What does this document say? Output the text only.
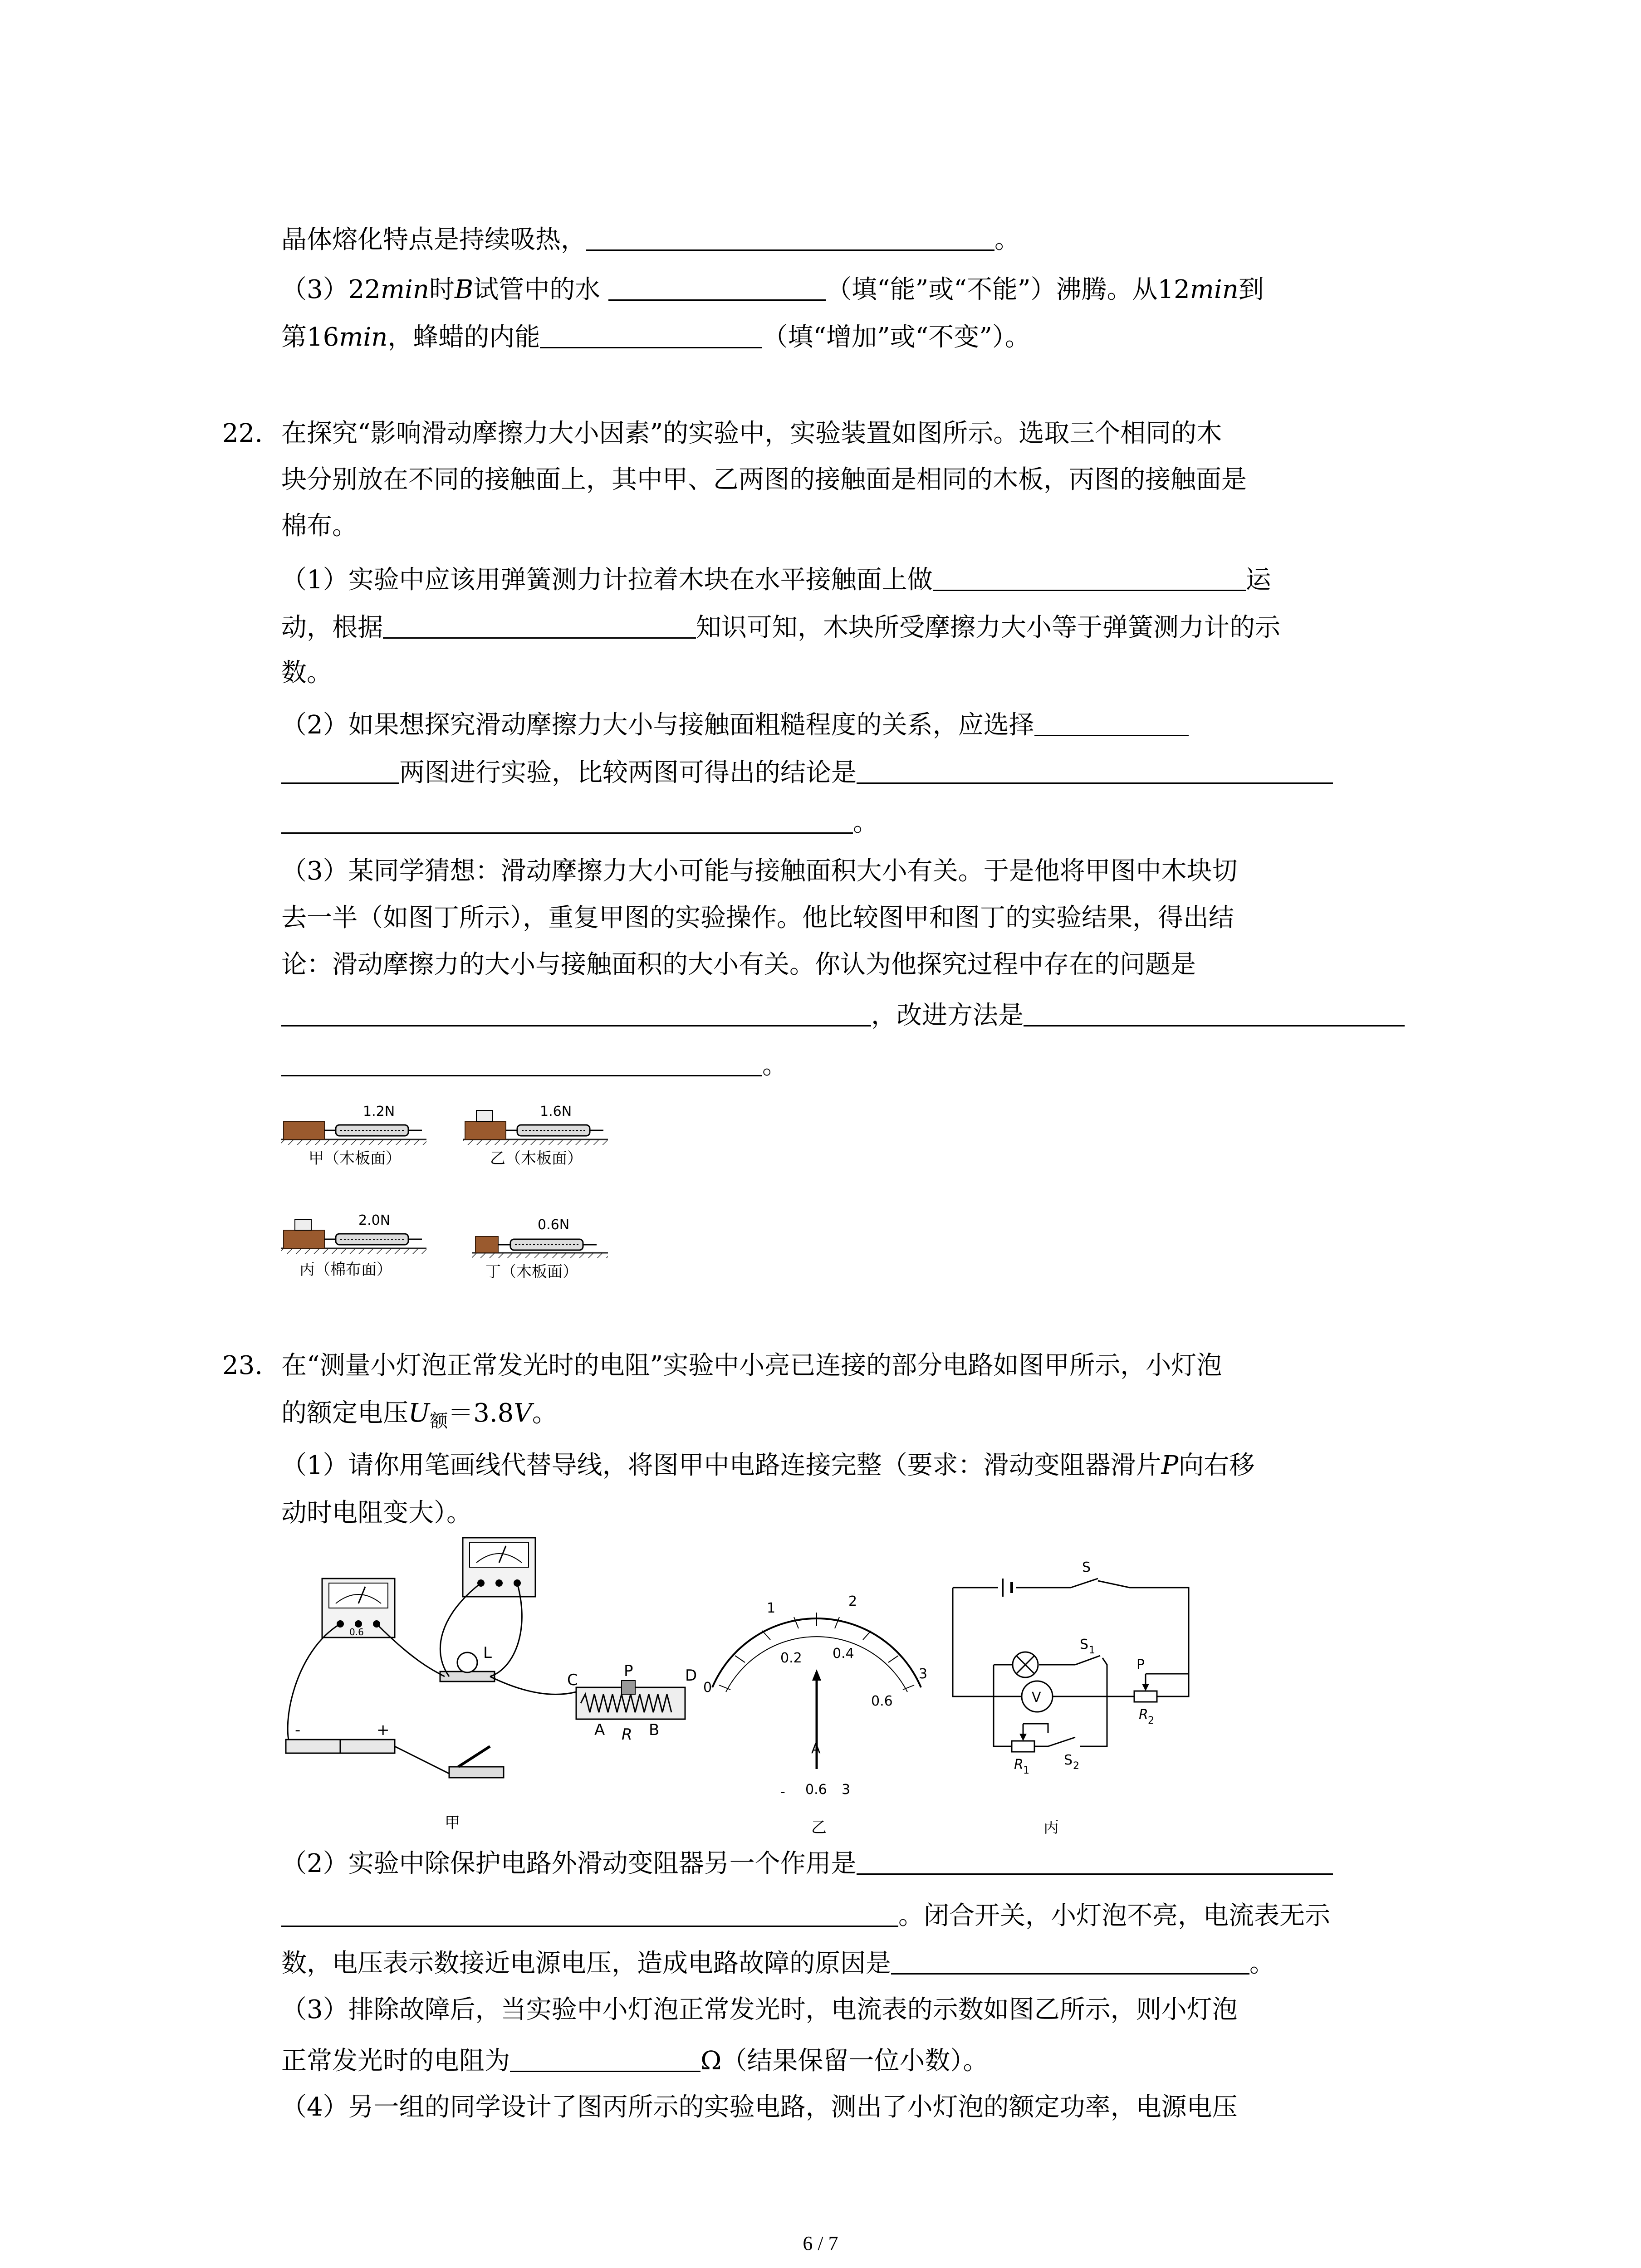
晶体熔化特点是持续吸热，	。
（3）22min时B试管中的水	（填“能”或“不能”）沸腾。从12min到
第16min，蜂蜡的内能	（填“增加”或“不变”）。
22. 在探究“影响滑动摩擦力大小因素”的实验中，实验装置如图所示。选取三个相同的木
块分别放在不同的接触面上，其中甲、乙两图的接触面是相同的木板，丙图的接触面是
棉布。
（1）实验中应该用弹簧测力计拉着木块在水平接触面上做	运
动，根据	知识可知，木块所受摩擦力大小等于弹簧测力计的示
数。
（2）如果想探究滑动摩擦力大小与接触面粗糙程度的关系，应选择
两图进行实验，比较两图可得出的结论是
。
（3）某同学猜想：滑动摩擦力大小可能与接触面积大小有关。于是他将甲图中木块切
去一半（如图丁所示），重复甲图的实验操作。他比较图甲和图丁的实验结果，得出结
论：滑动摩擦力的大小与接触面积的大小有关。你认为他探究过程中存在的问题是
，改进方法是
。
1.2N
甲（木板面）
1.6N
乙（木板面）
2.0N
丙（棉布面）
0.6N
丁（木板面）
23. 在“测量小灯泡正常发光时的电阻”实验中小亮已连接的部分电路如图甲所示，小灯泡
的额定电压$U_额=3.8V$。
（1）请你用笔画线代替导线，将图甲中电路连接完整（要求：滑动变阻器滑片P向右移
动时电阻变大）。
0.6
L
-	+
C	P	D
A R B
甲
0
1	2
3
0.2 0.4
0.6
A
- 0.6 3
乙
S
S 1
V
P
R 2
R 1
S 2
丙
（2）实验中除保护电路外滑动变阻器另一个作用是
。闭合开关，小灯泡不亮，电流表无示
数，电压表示数接近电源电压，造成电路故障的原因是	。
（3）排除故障后，当实验中小灯泡正常发光时，电流表的示数如图乙所示，则小灯泡
正常发光时的电阻为	Ω（结果保留一位小数）。
（4）另一组的同学设计了图丙所示的实验电路，测出了小灯泡的额定功率，电源电压
6 / 7
